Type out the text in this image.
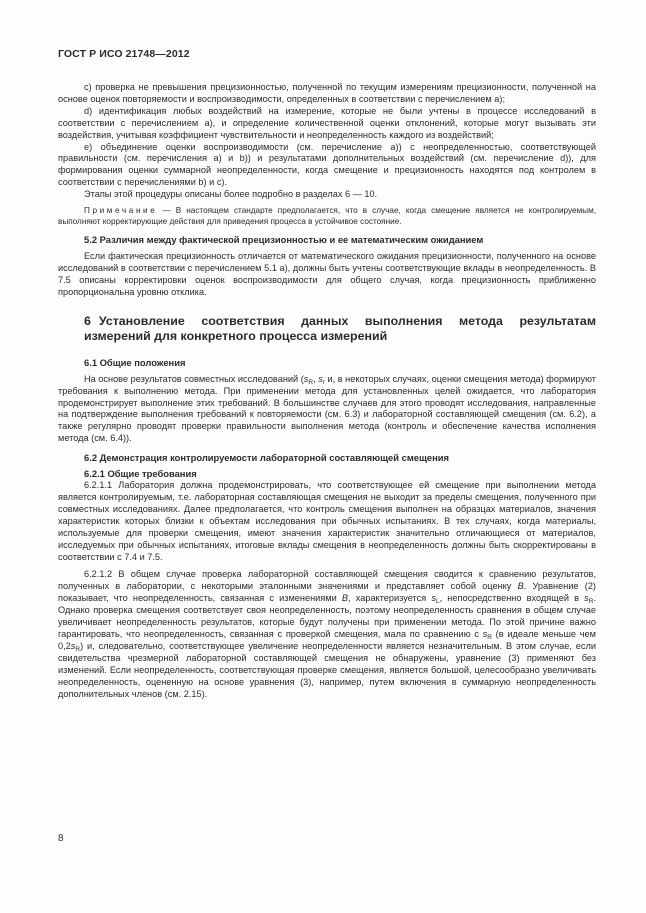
ГОСТ Р ИСО 21748—2012

c) проверка не превышения прецизионностью, полученной по текущим измерениям прецизионности, полученной на основе оценок повторяемости и воспроизводимости, определенных в соответствии с перечислением a);

d) идентификация любых воздействий на измерение, которые не были учтены в процессе исследований в соответствии с перечислением a), и определение количественной оценки отклонений, которые могут вызывать эти воздействия, учитывая коэффициент чувствительности и неопределенность каждого из воздействий;

e) объединение оценки воспроизводимости (см. перечисление a)) с неопределенностью, соответствующей правильности (см. перечисления a) и b)) и результатами дополнительных воздействий (см. перечисление d)), для формирования оценки суммарной неопределенности, когда смещение и прецизионность находятся под контролем в соответствии с перечислениями b) и c).

Этапы этой процедуры описаны более подробно в разделах 6 — 10.

Примечание — В настоящем стандарте предполагается, что в случае, когда смещение является не контролируемым, выполняют корректирующие действия для приведения процесса в устойчивое состояние.

5.2 Различия между фактической прецизионностью и ее математическим ожиданием

Если фактическая прецизионность отличается от математического ожидания прецизионности, полученного на основе исследований в соответствии с перечислением 5.1 a), должны быть учтены соответствующие вклады в неопределенность. В 7.5 описаны корректировки оценок воспроизводимости для общего случая, когда прецизионность приближенно пропорциональна уровню отклика.

6 Установление соответствия данных выполнения метода результатам измерений для конкретного процесса измерений
6.1 Общие положения

На основе результатов совместных исследований ($s_R$, $s_r$ и, в некоторых случаях, оценки смещения метода) формируют требования к выполнению метода. При применении метода для установленных целей ожидается, что лаборатория продемонстрирует выполнение этих требований. В большинстве случаев для этого проводят исследования, направленные на подтверждение выполнения требований к повторяемости (см. 6.3) и лабораторной составляющей смещения (см. 6.2), а также регулярно проводят проверки правильности выполнения метода (контроль и обеспечение качества исполнения метода (см. 6.4)).

6.2 Демонстрация контролируемости лабораторной составляющей смещения
6.2.1 Общие требования

6.2.1.1 Лаборатория должна продемонстрировать, что соответствующее ей смещение при выполнении метода является контролируемым, т.е. лабораторная составляющая смещения не выходит за пределы смещения, полученного при совместных исследованиях. Далее предполагается, что контроль смещения выполнен на образцах материалов, значения характеристик которых близки к объектам исследования при обычных испытаниях. В тех случаях, когда материалы, используемые для проверки смещения, имеют значения характеристик значительно отличающиеся от материалов, исследуемых при обычных испытаниях, итоговые вклады смещения в неопределенность должны быть скорректированы в соответствии с 7.4 и 7.5.

6.2.1.2 В общем случае проверка лабораторной составляющей смещения сводится к сравнению результатов, полученных в лаборатории, с некоторыми эталонными значениями и представляет собой оценку B. Уравнение (2) показывает, что неопределенность, связанная с изменениями B, характеризуется $s_L$, непосредственно входящей в $s_R$. Однако проверка смещения соответствует своя неопределенность, поэтому неопределенность сравнения в общем случае увеличивает неопределенность результатов, которые будут получены при применении метода. По этой причине важно гарантировать, что неопределенность, связанная с проверкой смещения, мала по сравнению с $s_R$ (в идеале меньше чем $0,2s_R$) и, следовательно, соответствующее увеличение неопределенности является незначительным. В этом случае, если свидетельства чрезмерной лабораторной составляющей смещения не обнаружены, уравнение (3) применяют без изменений. Если неопределенность, соответствующая проверке смещения, является большой, целесообразно увеличивать неопределенность, оцененную на основе уравнения (3), например, путем включения в суммарную неопределенность дополнительных членов (см. 2.15).

8
